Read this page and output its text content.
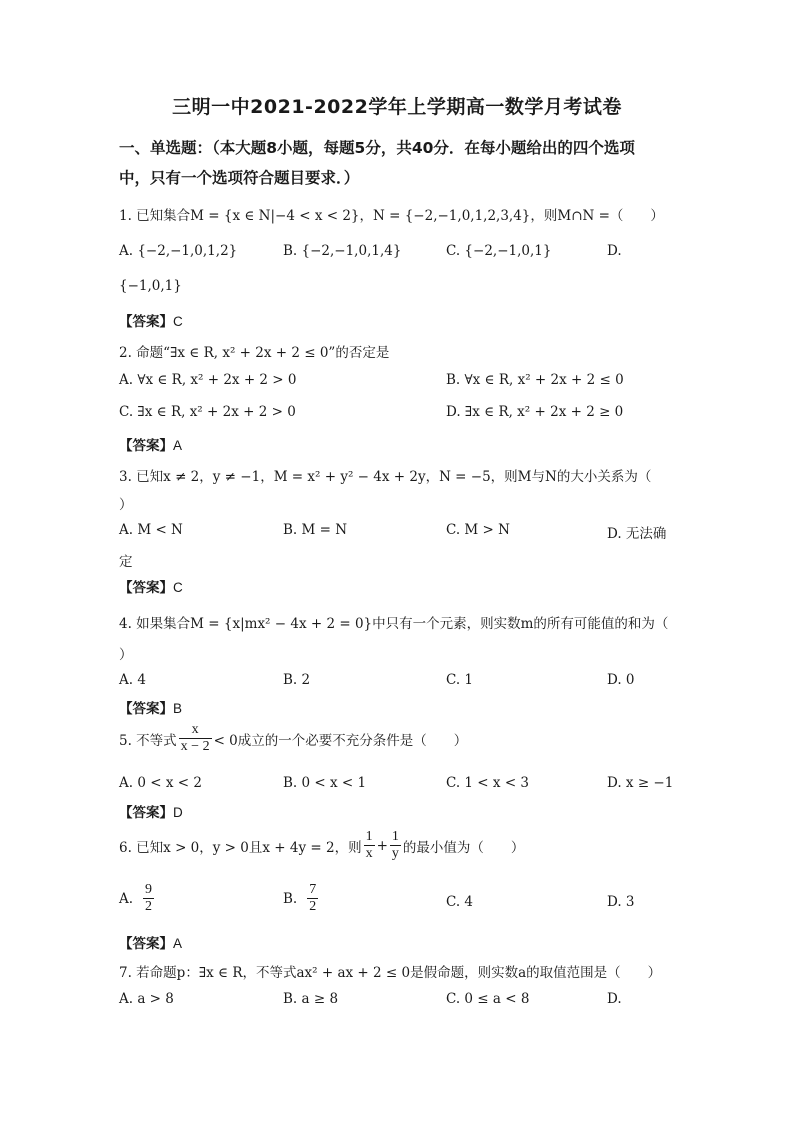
三明一中2021-2022学年上学期高一数学月考试卷
一、单选题：（本大题8小题，每题5分，共40分．在每小题给出的四个选项
中，只有一个选项符合题目要求．）
1. 已知集合M = {x ∈ N|−4 < x < 2}，N = {−2,−1,0,1,2,3,4}，则M∩N =（　　）
A. {−2,−1,0,1,2}	B. {−2,−1,0,1,4}	C. {−2,−1,0,1}	D.
{−1,0,1}
【答案】C
2. 命题“∃x ∈ R, x² + 2x + 2 ≤ 0”的否定是
A. ∀x ∈ R, x² + 2x + 2 > 0	B. ∀x ∈ R, x² + 2x + 2 ≤ 0
C. ∃x ∈ R, x² + 2x + 2 > 0	D. ∃x ∈ R, x² + 2x + 2 ≥ 0
【答案】A
3. 已知x ≠ 2，y ≠ −1，M = x² + y² − 4x + 2y，N = −5，则M与N的大小关系为（
）
A. M < N	B. M = N	C. M > N	D. 无法确
定
【答案】C
4. 如果集合M = {x|mx² − 4x + 2 = 0}中只有一个元素，则实数m的所有可能值的和为（
）
A. 4	B. 2	C. 1	D. 0
【答案】B
5. 不等式 $\frac{x}{x - 2} < 0$成立的一个必要不充分条件是（　　）
A. 0 < x < 2	B. 0 < x < 1	C. 1 < x < 3	D. x ≥ −1
【答案】D
6. 已知x > 0，y > 0且x + 4y = 2，则 $\frac{1}{x} + \frac{1}{y}$ 的最小值为（　　）
A. $\frac{9}{2}$	B. $\frac{7}{2}$	C. 4	D. 3
【答案】A
7. 若命题p：∃x ∈ R，不等式ax² + ax + 2 ≤ 0是假命题，则实数a的取值范围是（　　）
A. a > 8	B. a ≥ 8	C. 0 ≤ a < 8	D.
